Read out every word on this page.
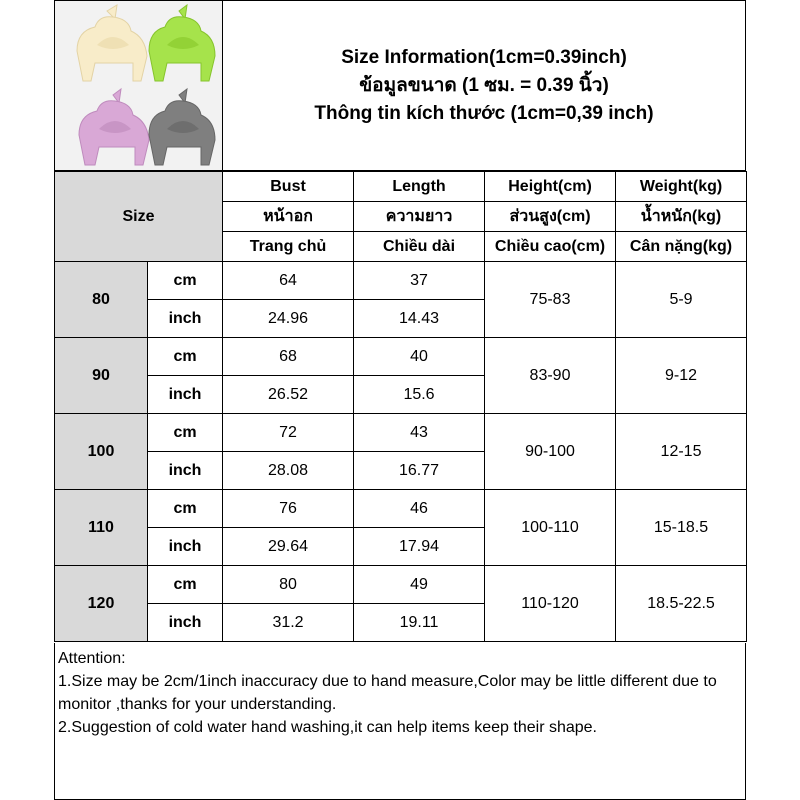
Size Information(1cm=0.39inch)
ข้อมูลขนาด (1 ซม. = 0.39 นิ้ว)
Thông tin kích thước (1cm=0,39 inch)
Size		Bust	Length	Height(cm)	Weight(kg)
		หน้าอก	ความยาว	ส่วนสูง(cm)	น้ำหนัก(kg)
		Trang chủ	Chiều dài	Chiều cao(cm)	Cân nặng(kg)
80	cm	64	37	75-83	5-9
	inch	24.96	14.43		
90	cm	68	40	83-90	9-12
	inch	26.52	15.6		
100	cm	72	43	90-100	12-15
	inch	28.08	16.77		
110	cm	76	46	100-110	15-18.5
	inch	29.64	17.94		
120	cm	80	49	110-120	18.5-22.5
	inch	31.2	19.11		
Attention:
1.Size may be 2cm/1inch inaccuracy due to hand measure,Color may be little different due to monitor ,thanks for your understanding.
2.Suggestion of cold water hand washing,it can help items keep their shape.
